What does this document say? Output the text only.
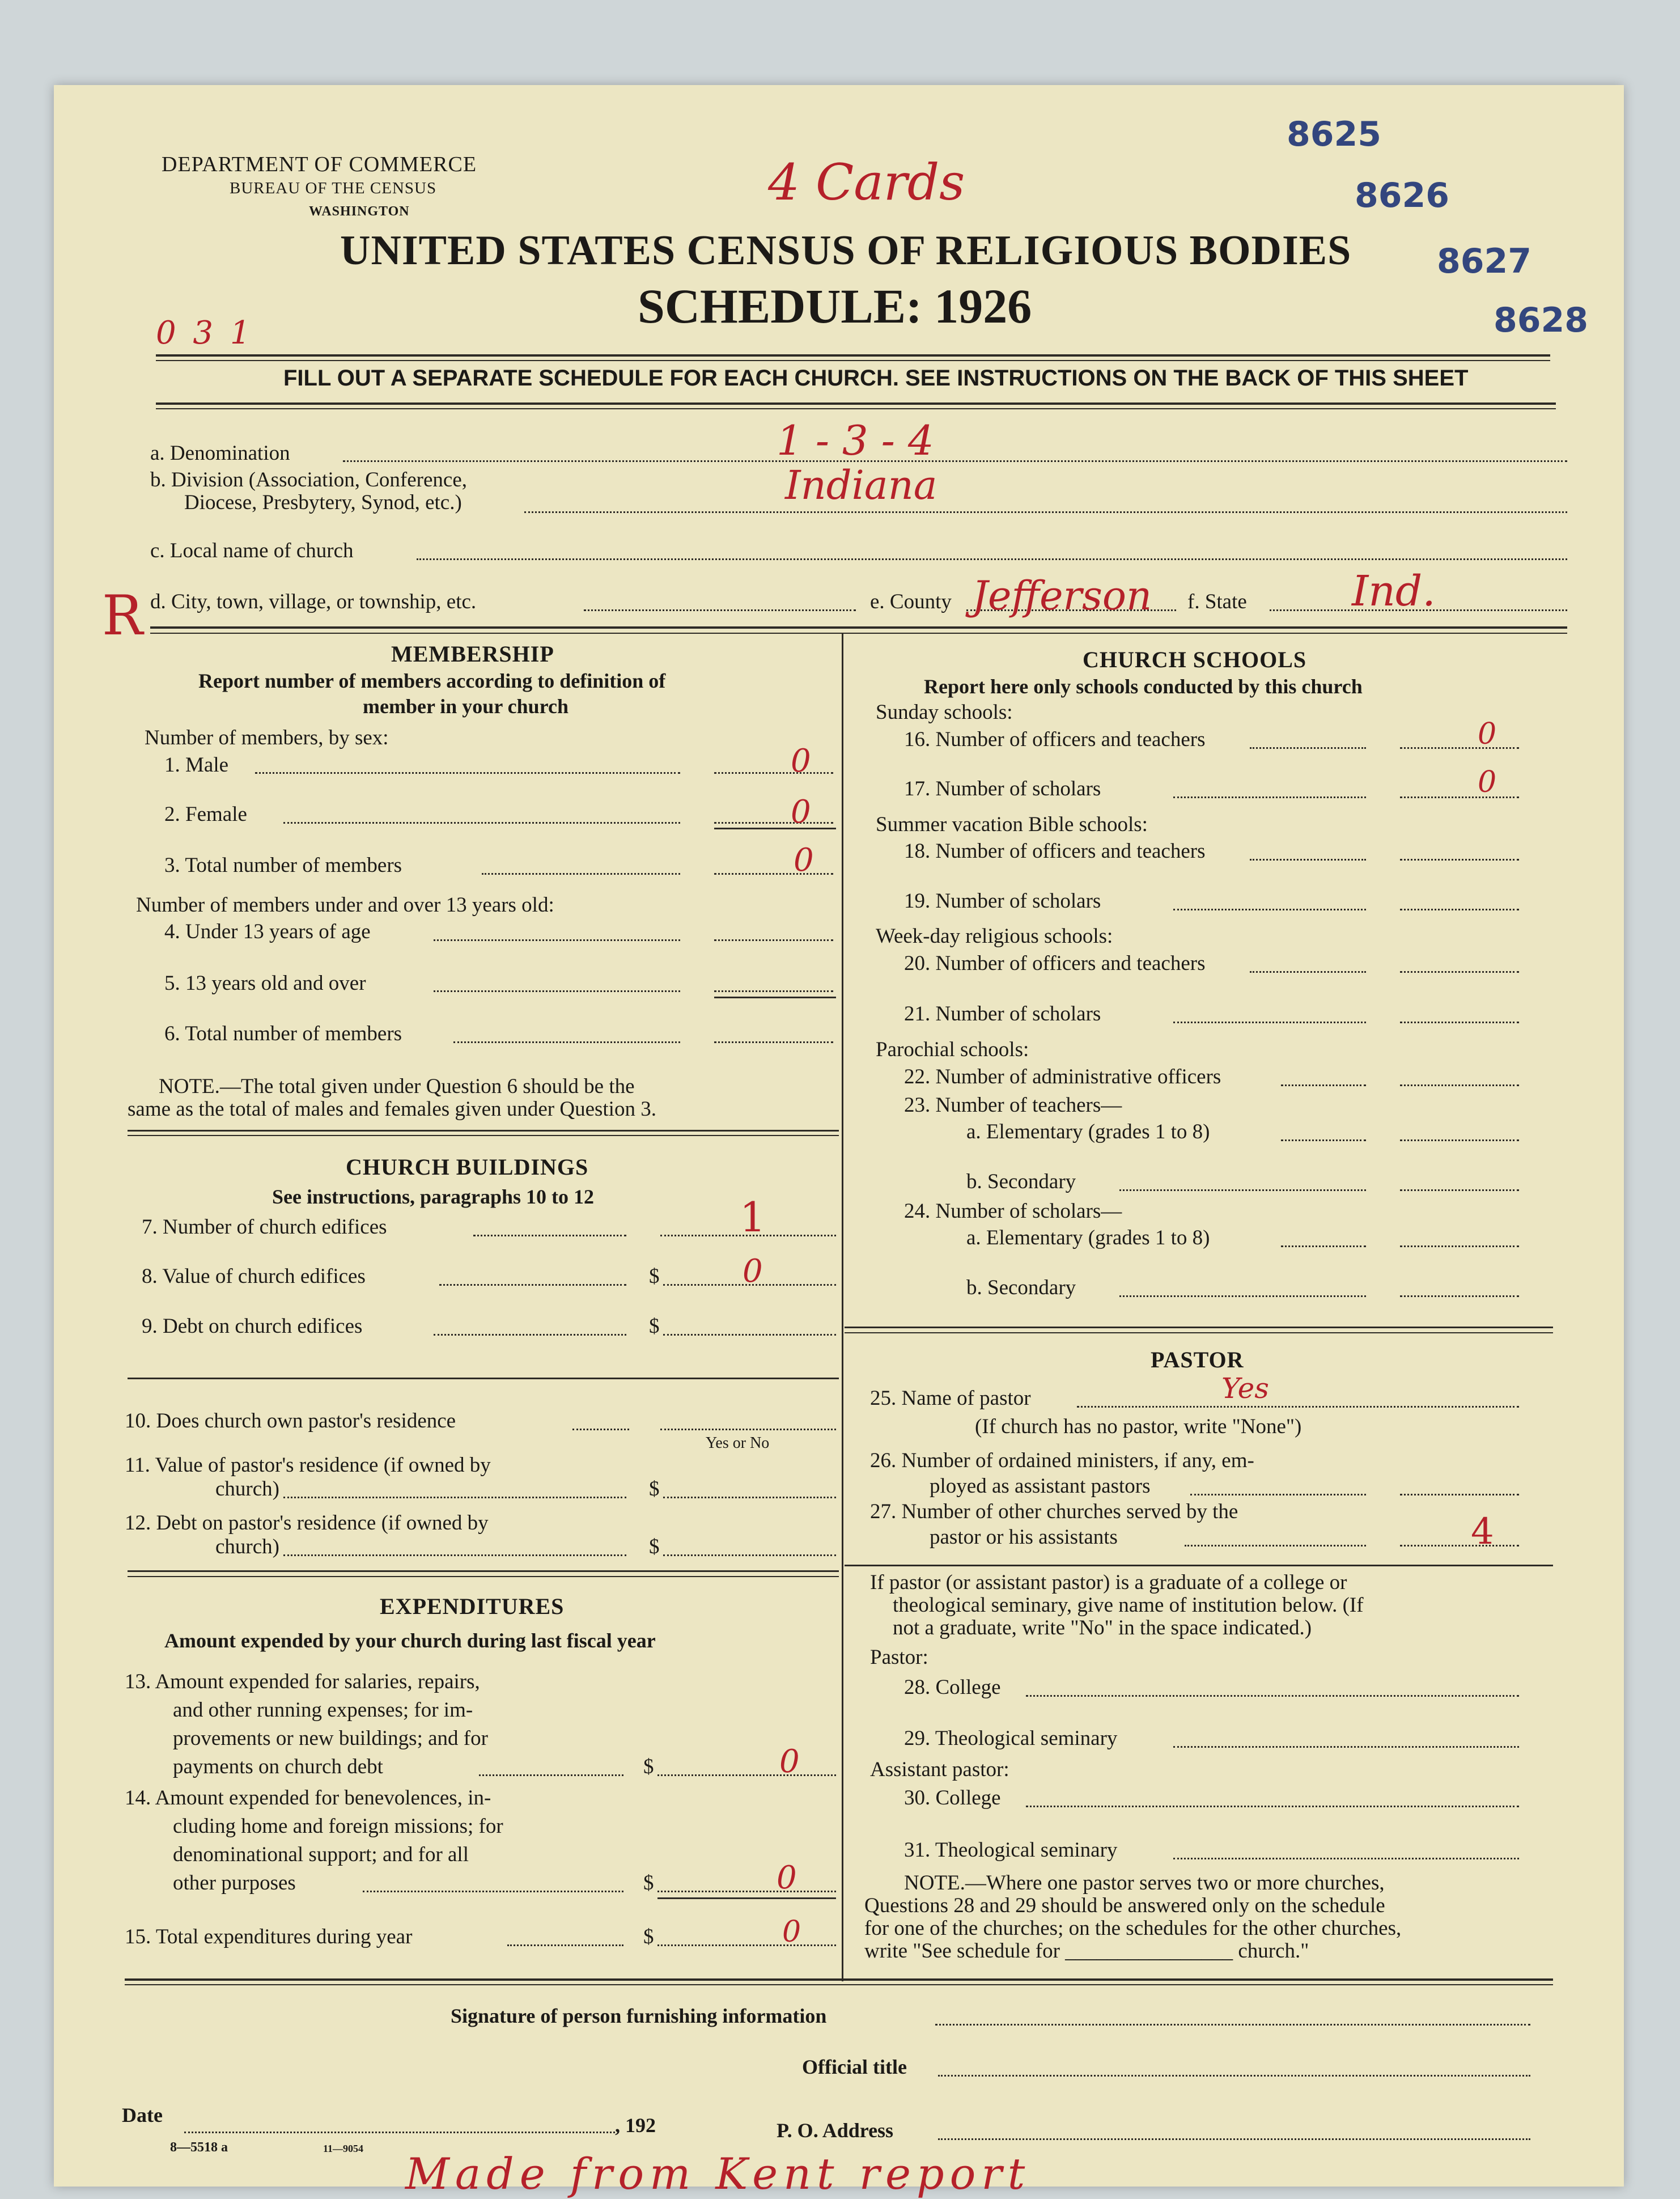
8625
8626
8627
8628
DEPARTMENT OF COMMERCE
BUREAU OF THE CENSUS
WASHINGTON	4 Cards
UNITED STATES CENSUS OF RELIGIOUS BODIES
SCHEDULE: 1926
0 3 1
FILL OUT A SEPARATE SCHEDULE FOR EACH CHURCH. SEE INSTRUCTIONS ON THE BACK OF THIS SHEET
a. Denomination	1 - 3 - 4
b. Division (Association, Conference,
Diocese, Presbytery, Synod, etc.)	Indiana
c. Local name of church
R d. City, town, village, or township, etc.	e. County Jefferson f. State	Ind.
MEMBERSHIP
Report number of members according to definition of
member in your church
Number of members, by sex:
1. Male	0
2. Female	0
3. Total number of members	0
Number of members under and over 13 years old:
4. Under 13 years of age
5. 13 years old and over
6. Total number of members
NOTE.—The total given under Question 6 should be the
same as the total of males and females given under Question 3.
CHURCH BUILDINGS
See instructions, paragraphs 10 to 12
7. Number of church edifices	1
8. Value of church edifices	$	0
9. Debt on church edifices	$
10. Does church own pastor's residence
Yes or No
11. Value of pastor's residence (if owned by
church)	$
12. Debt on pastor's residence (if owned by
church)	$
EXPENDITURES
Amount expended by your church during last fiscal year
13. Amount expended for salaries, repairs,
and other running expenses; for im-
provements or new buildings; and for
payments on church debt	$	0
14. Amount expended for benevolences, in-
cluding home and foreign missions; for
denominational support; and for all
other purposes	$	0
15. Total expenditures during year	$	0
CHURCH SCHOOLS
Report here only schools conducted by this church
Sunday schools:
16. Number of officers and teachers	0
17. Number of scholars	0
Summer vacation Bible schools:
18. Number of officers and teachers
19. Number of scholars
Week-day religious schools:
20. Number of officers and teachers
21. Number of scholars
Parochial schools:
22. Number of administrative officers
23. Number of teachers—
a. Elementary (grades 1 to 8)
b. Secondary
24. Number of scholars—
a. Elementary (grades 1 to 8)
b. Secondary
PASTOR
25. Name of pastor	Yes
(If church has no pastor, write "None")
26. Number of ordained ministers, if any, em-
ployed as assistant pastors
27. Number of other churches served by the
pastor or his assistants	4
If pastor (or assistant pastor) is a graduate of a college or
theological seminary, give name of institution below. (If
not a graduate, write "No" in the space indicated.)
Pastor:
28. College
29. Theological seminary
Assistant pastor:
30. College
31. Theological seminary
NOTE.—Where one pastor serves two or more churches,
Questions 28 and 29 should be answered only on the schedule
for one of the churches; on the schedules for the other churches,
write "See schedule for ________________ church."
Signature of person furnishing information
Official title
Date	, 192	P. O. Address
8—5518 a	11—9054 Made from Kent report
